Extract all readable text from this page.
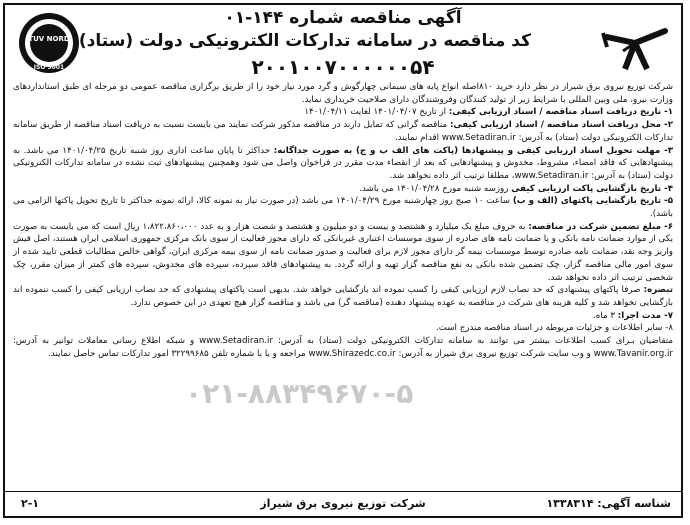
TUV NORD
ISO 9001
آگهی مناقصه شماره ۱۴۴-۰۱
کد مناقصه در سامانه تدارکات الکترونیکی دولت (ستاد):
۲۰۰۱۰۰۷۰۰۰۰۰۰۵۴

شرکت توزیع نیروی برق شیراز در نظر دارد خرید ۸۱۰اصله انواع پایه های سیمانی چهارگوش و گرد مورد نیاز خود را از طریق برگزاری مناقصه عمومی دو مرحله ای طبق استانداردهای وزارت نیرو، ملی وبین المللی با شرایط زیر از تولید کنندگان وفروشندگان دارای صلاحیت خریداری نماید.

۱- تاریخ دریافت اسناد مناقصه / اسناد ارزیابی کیفی: از تاریخ ۱۴۰۱/۰۴/۰۷ لغایت ۱۴۰۱/۰۴/۱۱

۲- محل دریافت اسناد مناقصه / اسناد ارزیابی کیفی: مناقصه گرانی که تمایل دارند در مناقصه مذکور شرکت نمایند می بایست نسبت به دریافت اسناد مناقصه از طریق سامانه تدارکات الکترونیکی دولت (ستاد) به آدرس: www.Setadiran.ir اقدام نمایند.

۳- مهلت تحویل اسناد ارزیابی کیفی و پیشنهادها (پاکت های الف ب و ج) به صورت جداگانه: حداکثر تا پایان ساعت اداری روز شنبه تاریخ ۱۴۰۱/۰۴/۲۵ می باشد. به پیشنهادهایی که فاقد امضاء، مشروط، مخدوش و پیشنهادهایی که بعد از انقضاء مدت مقرر در فراخوان واصل می شود وهمچنین پیشنهادهای ثبت نشده در سامانه تدارکات الکترونیکی دولت (ستاد) به آدرس: www.Setadiran.ir، مطلقا ترتیب اثر داده نخواهد شد.

۴- تاریخ بازگشایی پاکت ارزیابی کیفی روزسه شنبه مورخ ۱۴۰۱/۰۴/۲۸ می باشد.

۵- تاریخ بازگشایی پاکتهای (الف و ب) ساعت ۱۰ صبح روز چهارشنبه مورخ ۱۴۰۱/۰۴/۲۹ می باشد (در صورت نیاز به نمونه کالا، ارائه نمونه حداکثر تا تاریخ تحویل پاکتها الزامی می باشد).

۶- مبلغ تضمین شرکت در مناقصه: به حروف مبلغ یک میلیارد و هشتصد و بیست و دو میلیون و هشتصد و شصت هزار و به عدد ۱،۸۲۲،۸۶۰،۰۰۰ ریال است که می بایست به صورت یکی از موارد ضمانت نامه بانکی و یا ضمانت نامه های صادره از سوی موسسات اعتباری غیربانکی که دارای مجوز فعالیت از سوی بانک مرکزی جمهوری اسلامی ایران هستند، اصل فیش واریز وجه نقد، ضمانت نامه صادره توسط موسسات بیمه گر دارای مجوز لازم برای فعالیت و صدور ضمانت نامه از سوی بیمه مرکزی ایران، گواهی خالص مطالبات قطعی تایید شده از سوی امور مالی مناقصه گزار، چک تضمین شده بانکی به نفع مناقصه گزار تهیه و ارائه گردد. به پیشنهادهای فاقد سپرده، سپرده های مخدوش، سپرده های کمتر از میزان مقرر، چک شخصی ترتیب اثر داده نخواهد شد.

تبصره: صرفا پاکتهای پیشنهادی که حد نصاب لازم ارزیابی کیفی را کسب نموده اند بازگشایی خواهد شد. بدیهی است پاکتهای پیشنهادی که حد نصاب ارزیابی کیفی را کسب ننموده اند بازگشایی نخواهد شد و کلیه هزینه های شرکت در مناقصه به عهده پیشنهاد دهنده (مناقصه گر) می باشد و مناقصه گزار هیچ تعهدی در این خصوص ندارد.

۷- مدت اجرا: ۳ ماه.

۸- سایر اطلاعات و جزئیات مربوطه در اسناد مناقصه مندرج است.

متقاضیان بـرای کسب اطلاعات بیشتر می توانند به سامانه تدارکات الکترونیکی دولت (ستاد) به آدرس: www.Setadiran.ir و شبکه اطلاع رسانی معاملات توانیر به آدرس: www.Tavanir.org.ir و وب سایت شرکت توزیع نیروی برق شیراز به آدرس: www.Shirazedc.co.ir مراجعه و یا با شماره تلفن ۳۲۲۹۹۶۸۵ امور تدارکات تماس حاصل نمایند.

۰۲۱-۸۸۳۴۹۶۷۰-۵
شناسه آگهی: ۱۳۳۸۳۱۴
شرکت توزیع نیروی برق شیراز
۲-۱
